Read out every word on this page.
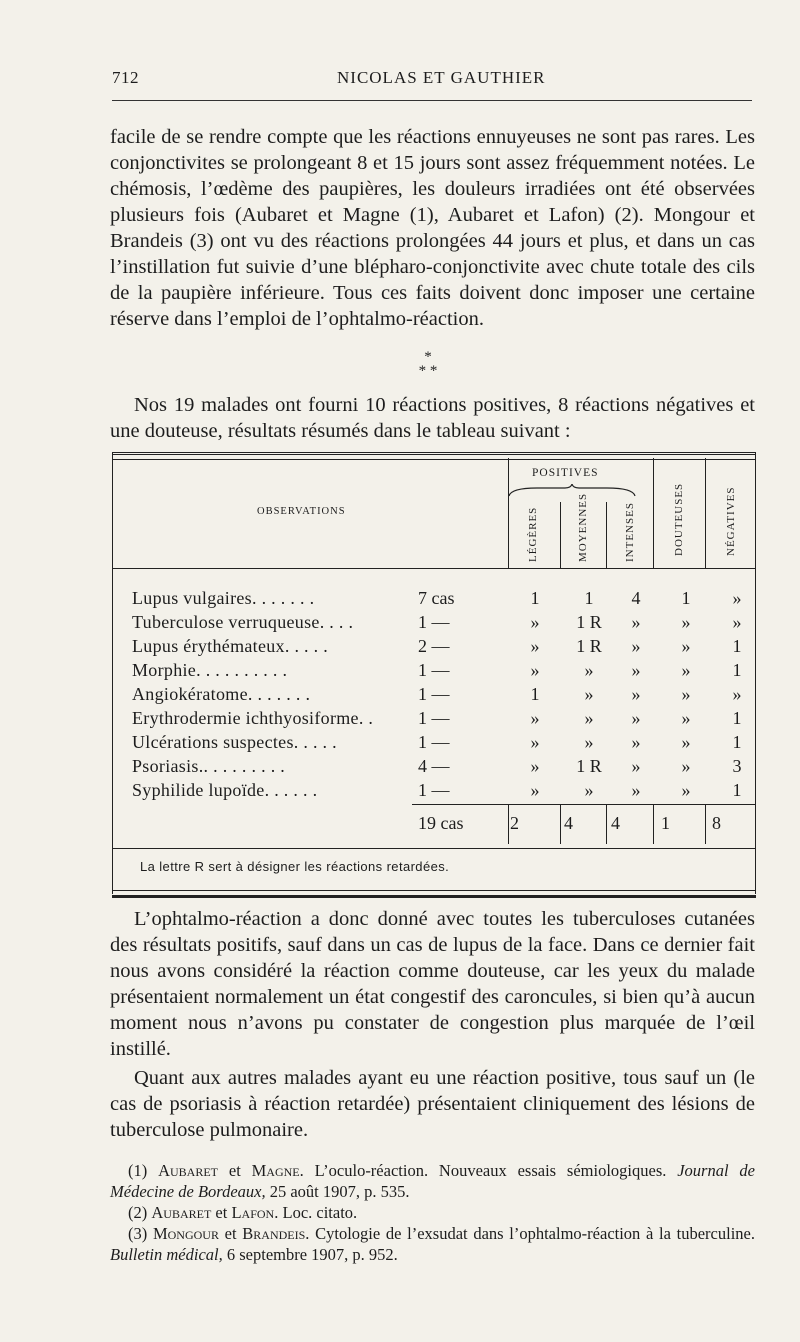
712	NICOLAS ET GAUTHIER
facile de se rendre compte que les réactions ennuyeuses ne sont pas rares. Les conjonctivites se prolongeant 8 et 15 jours sont assez fréquemment notées. Le chémosis, l’œdème des paupières, les douleurs irradiées ont été observées plusieurs fois (Aubaret et Magne (1), Aubaret et Lafon) (2). Mongour et Brandeis (3) ont vu des réactions prolongées 44 jours et plus, et dans un cas l’instillation fut suivie d’une blépharo-conjonctivite avec chute totale des cils de la paupière inférieure. Tous ces faits doivent donc imposer une certaine réserve dans l’emploi de l’ophtalmo-réaction.
*
* *
Nos 19 malades ont fourni 10 réactions positives, 8 réactions négatives et une douteuse, résultats résumés dans le tableau suivant :
OBSERVATIONS
POSITIVES
LÉGÈRES	MOYENNES	INTENSES	DOUTEUSES	NÉGATIVES
Lupus vulgaires. . . . . . .	7 cas	1	1	4	1	»
Tuberculose verruqueuse. . . .	1 —	»	1 R	»	»	»
Lupus érythémateux. . . . .	2 —	»	1 R	»	»	1
Morphie. . . . . . . . . .	1 —	»	»	»	»	1
Angiokératome. . . . . . .	1 —	1	»	»	»	»
Erythrodermie ichthyosiforme. . 1 —	»	»	»	»	1
Ulcérations suspectes. . . . .	1 —	»	»	»	»	1
Psoriasis.. . . . . . . . .	4 —	»	1 R	»	»	3
Syphilide lupoïde. . . . . .	1 —	»	»	»	»	1
19 cas	2	4 4 1 8
La lettre R sert à désigner les réactions retardées.
L’ophtalmo-réaction a donc donné avec toutes les tuberculoses cutanées des résultats positifs, sauf dans un cas de lupus de la face. Dans ce dernier fait nous avons considéré la réaction comme douteuse, car les yeux du malade présentaient normalement un état congestif des caroncules, si bien qu’à aucun moment nous n’avons pu constater de congestion plus marquée de l’œil instillé.
Quant aux autres malades ayant eu une réaction positive, tous sauf un (le cas de psoriasis à réaction retardée) présentaient cliniquement des lésions de tuberculose pulmonaire.
(1) Aubaret et Magne. L’oculo-réaction. Nouveaux essais sémiologiques. Journal de Médecine de Bordeaux, 25 août 1907, p. 535.
(2) Aubaret et Lafon. Loc. citato.
(3) Mongour et Brandeis. Cytologie de l’exsudat dans l’ophtalmo-réaction à la tuberculine. Bulletin médical, 6 septembre 1907, p. 952.
